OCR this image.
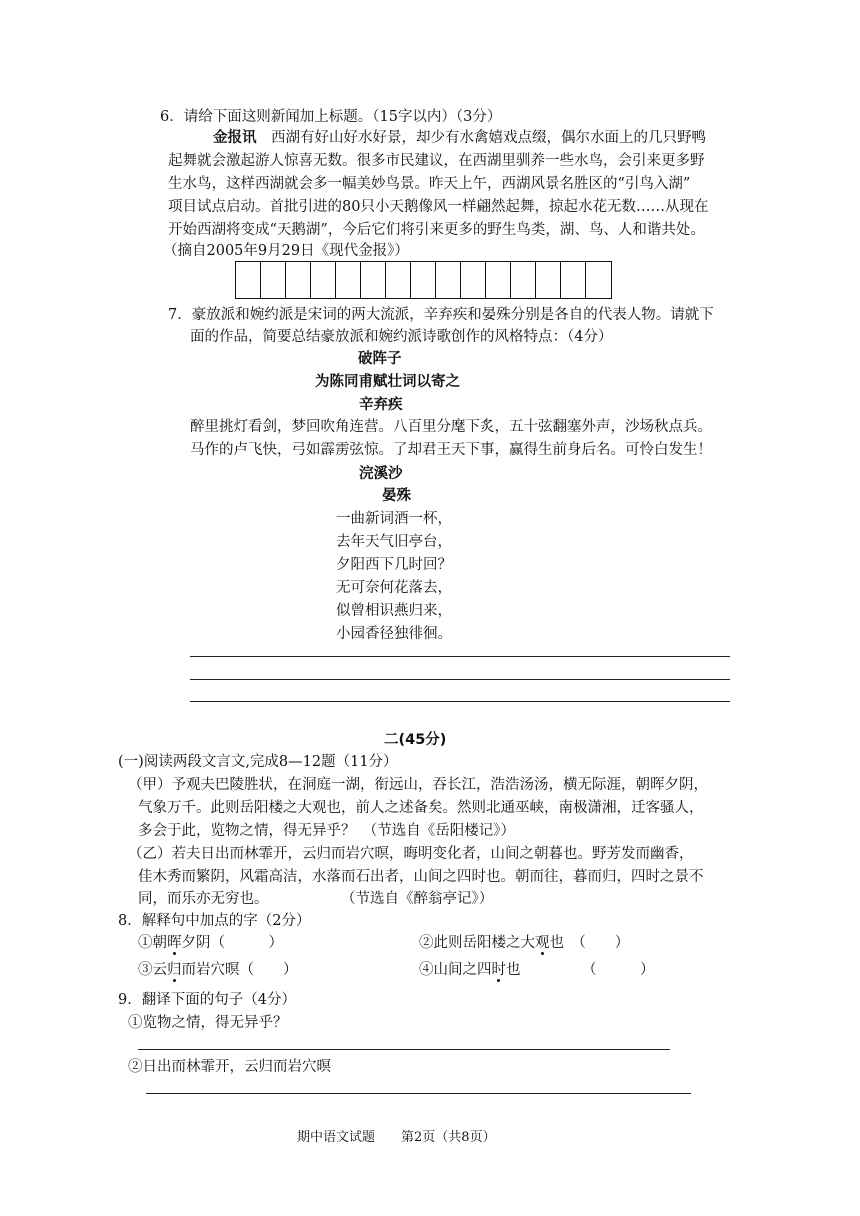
6．请给下面这则新闻加上标题。（15字以内）（3分）
金报讯　 西湖有好山好水好景，却少有水禽嬉戏点缀，偶尔水面上的几只野鸭
起舞就会激起游人惊喜无数。很多市民建议，在西湖里驯养一些水鸟，会引来更多野
生水鸟，这样西湖就会多一幅美妙鸟景。昨天上午，西湖风景名胜区的“引鸟入湖”
项目试点启动。首批引进的80只小天鹅像风一样翩然起舞，掠起水花无数……从现在
开始西湖将变成“天鹅湖”，今后它们将引来更多的野生鸟类，湖、鸟、人和谐共处。
（摘自2005年9月29日《现代金报》）
7．豪放派和婉约派是宋词的两大流派，辛弃疾和晏殊分别是各自的代表人物。请就下
面的作品，简要总结豪放派和婉约派诗歌创作的风格特点：（4分）
破阵子
为陈同甫赋壮词以寄之
辛弃疾
醉里挑灯看剑，梦回吹角连营。八百里分麾下炙，五十弦翻塞外声，沙场秋点兵。
马作的卢飞快，弓如霹雳弦惊。了却君王天下事，赢得生前身后名。可怜白发生！
浣溪沙
晏殊
一曲新词酒一杯，
去年天气旧亭台，
夕阳西下几时回？
无可奈何花落去，
似曾相识燕归来，
小园香径独徘徊。
二(45分)
(一)阅读两段文言文,完成8—12题（11分）
（甲）予观夫巴陵胜状，在洞庭一湖，衔远山，吞长江，浩浩汤汤，横无际涯，朝晖夕阴，
气象万千。此则岳阳楼之大观也，前人之述备矣。然则北通巫峡，南极潇湘，迁客骚人，
多会于此，览物之情，得无异乎？　（节选自《岳阳楼记》）
（乙）若夫日出而林霏开，云归而岩穴暝，晦明变化者，山间之朝暮也。野芳发而幽香，
佳木秀而繁阴，风霜高洁，水落而石出者，山间之四时也。朝而往，暮而归，四时之景不
同，而乐亦无穷也。　　　　　　（节选自《醉翁亭记》）
8．解释句中加点的字（2分）
①朝晖夕阴（　　　）	②此则岳阳楼之大观也　（　　）
③云归而岩穴暝（　　）	④山间之四时也	（　　　）
9．翻译下面的句子（4分）
①览物之情，得无异乎？
②日出而林霏开，云归而岩穴暝
期中语文试题　　 第2页（共8页）
